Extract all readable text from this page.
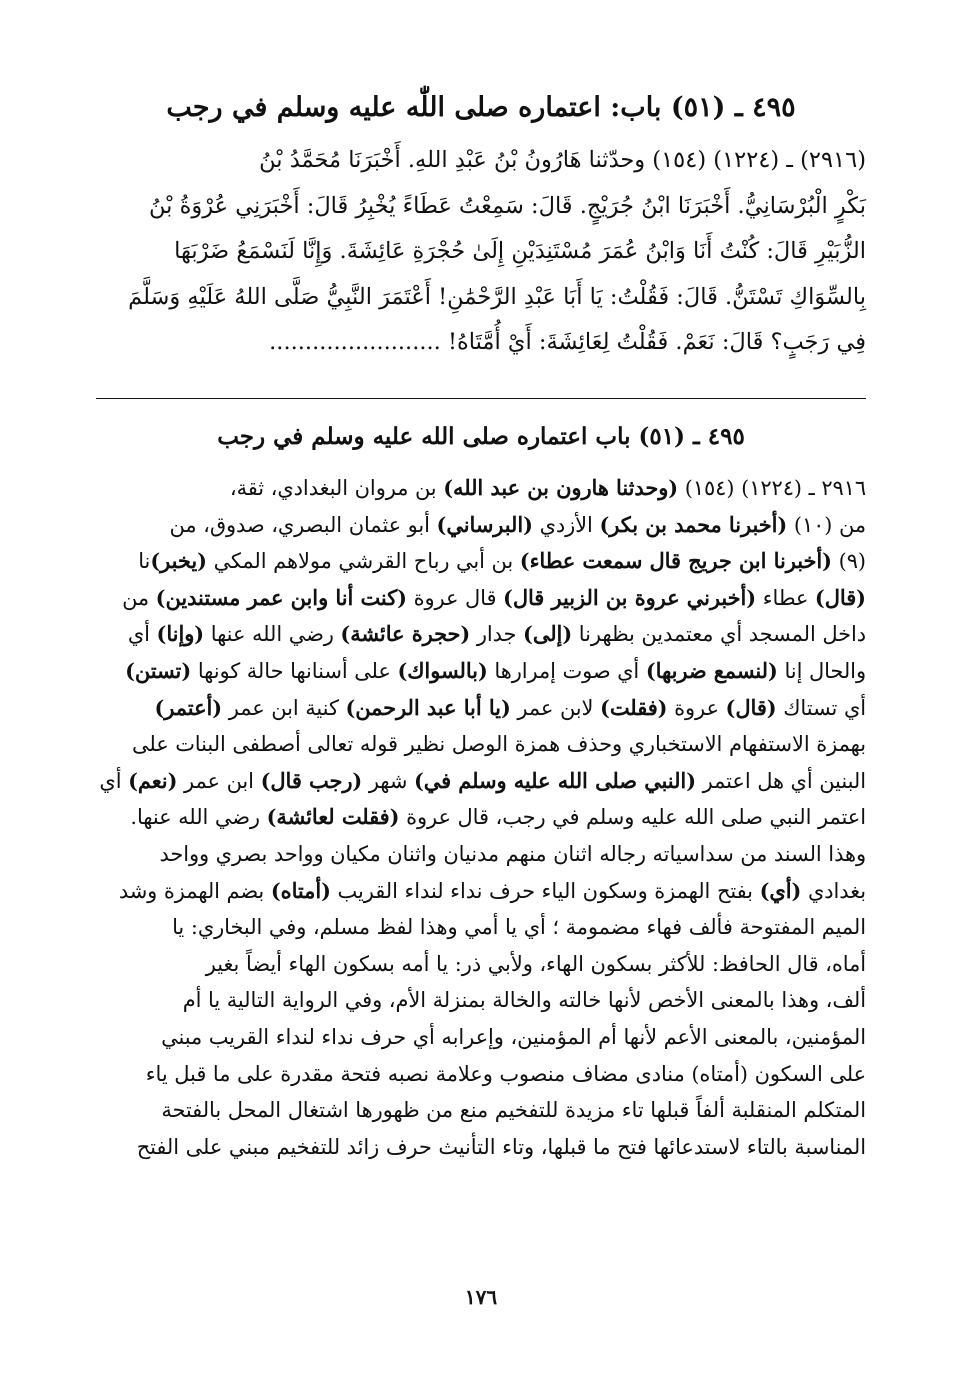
٤٩٥ ـ (٥١) باب: اعتماره صلى اللّٰه عليه وسلم في رجب

(٢٩١٦) ـ (١٢٢٤) (١٥٤) وحدّثنا هَارُونُ بْنُ عَبْدِ اللهِ. أَخْبَرَنَا مُحَمَّدُ بْنُ
بَكْرٍ الْبُرْسَانِيُّ. أَخْبَرَنَا ابْنُ جُرَيْجٍ. قَالَ: سَمِعْتُ عَطَاءً يُخْبِرُ قَالَ: أَخْبَرَنِي عُرْوَةُ بْنُ
الزُّبَيْرِ قَالَ: كُنْتُ أَنَا وَابْنُ عُمَرَ مُسْتَنِدَيْنِ إِلَىٰ حُجْرَةِ عَائِشَةَ. وَإِنَّا لَنَسْمَعُ ضَرْبَهَا
بِالسِّوَاكِ تَسْتَنُّ. قَالَ: فَقُلْتُ: يَا أَبَا عَبْدِ الرَّحْمَٰنِ! أَعْتَمَرَ النَّبِيُّ صَلَّى اللهُ عَلَيْهِ وَسَلَّمَ
فِي رَجَبٍ؟ قَالَ: نَعَمْ. فَقُلْتُ لِعَائِشَةَ: أَيْ أُمَّتَاهُ! ........................

٤٩٥ ـ (٥١) باب اعتماره صلى الله عليه وسلم في رجب

٢٩١٦ ـ (١٢٢٤) (١٥٤) (وحدثنا هارون بن عبد الله) بن مروان البغدادي، ثقة،
من (١٠) (أخبرنا محمد بن بكر) الأزدي (البرساني) أبو عثمان البصري، صدوق، من
(٩) (أخبرنا ابن جريج قال سمعت عطاء) بن أبي رباح القرشي مولاهم المكي (يخبر)نا
(قال) عطاء (أخبرني عروة بن الزبير قال) قال عروة (كنت أنا وابن عمر مستندين) من
داخل المسجد أي معتمدين بظهرنا (إلى) جدار (حجرة عائشة) رضي الله عنها (وإنا) أي
والحال إنا (لنسمع ضربها) أي صوت إمرارها (بالسواك) على أسنانها حالة كونها (تستن)
أي تستاك (قال) عروة (فقلت) لابن عمر (يا أبا عبد الرحمن) كنية ابن عمر (أعتمر)
بهمزة الاستفهام الاستخباري وحذف همزة الوصل نظير قوله تعالى أصطفى البنات على
البنين أي هل اعتمر (النبي صلى الله عليه وسلم في) شهر (رجب قال) ابن عمر (نعم) أي
اعتمر النبي صلى الله عليه وسلم في رجب، قال عروة (فقلت لعائشة) رضي الله عنها.
وهذا السند من سداسياته رجاله اثنان منهم مدنيان واثنان مكيان وواحد بصري وواحد
بغدادي (أي) بفتح الهمزة وسكون الياء حرف نداء لنداء القريب (أمتاه) بضم الهمزة وشد
الميم المفتوحة فألف فهاء مضمومة ؛ أي يا أمي وهذا لفظ مسلم، وفي البخاري: يا
أماه، قال الحافظ: للأكثر بسكون الهاء، ولأبي ذر: يا أمه بسكون الهاء أيضاً بغير
ألف، وهذا بالمعنى الأخص لأنها خالته والخالة بمنزلة الأم، وفي الرواية التالية يا أم
المؤمنين، بالمعنى الأعم لأنها أم المؤمنين، وإعرابه أي حرف نداء لنداء القريب مبني
على السكون (أمتاه) منادى مضاف منصوب وعلامة نصبه فتحة مقدرة على ما قبل ياء
المتكلم المنقلبة ألفاً قبلها تاء مزيدة للتفخيم منع من ظهورها اشتغال المحل بالفتحة
المناسبة بالتاء لاستدعائها فتح ما قبلها، وتاء التأنيث حرف زائد للتفخيم مبني على الفتح

١٧٦
